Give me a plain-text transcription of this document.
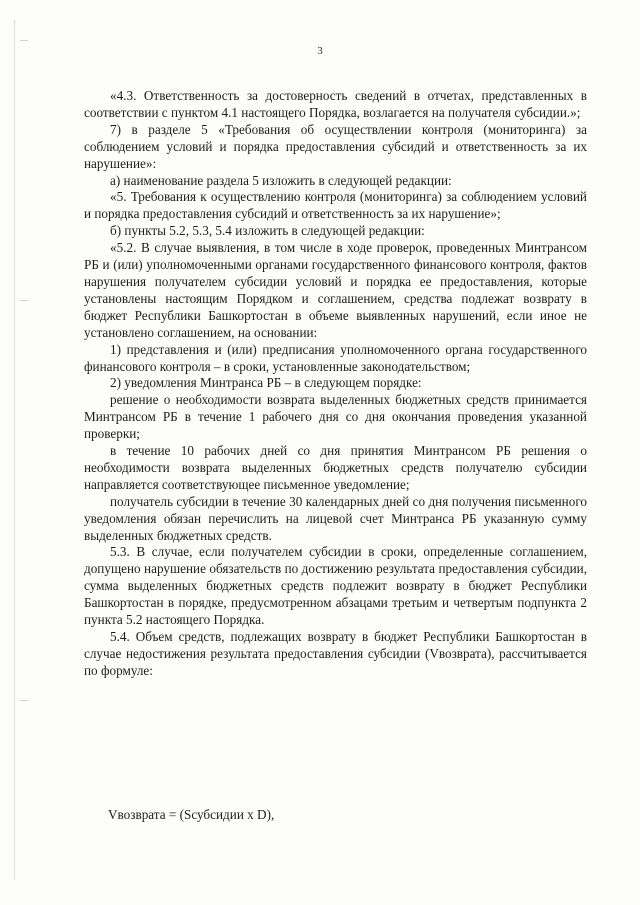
3

«4.3. Ответственность за достоверность сведений в отчетах, представленных в соответствии с пунктом 4.1 настоящего Порядка, возлагается на получателя субсидии.»;

7) в разделе 5 «Требования об осуществлении контроля (мониторинга) за соблюдением условий и порядка предоставления субсидий и ответственность за их нарушение»:

а) наименование раздела 5 изложить в следующей редакции:

«5. Требования к осуществлению контроля (мониторинга) за соблюдением условий и порядка предоставления субсидий и ответственность за их нарушение»;

б) пункты 5.2, 5.3, 5.4 изложить в следующей редакции:

«5.2. В случае выявления, в том числе в ходе проверок, проведенных Минтрансом РБ и (или) уполномоченными органами государственного финансового контроля, фактов нарушения получателем субсидии условий и порядка ее предоставления, которые установлены настоящим Порядком и соглашением, средства подлежат возврату в бюджет Республики Башкортостан в объеме выявленных нарушений, если иное не установлено соглашением, на основании:

1) представления и (или) предписания уполномоченного органа государственного финансового контроля – в сроки, установленные законодательством;

2) уведомления Минтранса РБ – в следующем порядке:

решение о необходимости возврата выделенных бюджетных средств принимается Минтрансом РБ в течение 1 рабочего дня со дня окончания проведения указанной проверки;

в течение 10 рабочих дней со дня принятия Минтрансом РБ решения о необходимости возврата выделенных бюджетных средств получателю субсидии направляется соответствующее письменное уведомление;

получатель субсидии в течение 30 календарных дней со дня получения письменного уведомления обязан перечислить на лицевой счет Минтранса РБ указанную сумму выделенных бюджетных средств.

5.3. В случае, если получателем субсидии в сроки, определенные соглашением, допущено нарушение обязательств по достижению результата предоставления субсидии, сумма выделенных бюджетных средств подлежит возврату в бюджет Республики Башкортостан в порядке, предусмотренном абзацами третьим и четвертым подпункта 2 пункта 5.2 настоящего Порядка.

5.4. Объем средств, подлежащих возврату в бюджет Республики Башкортостан в случае недостижения результата предоставления субсидии (Vвозврата), рассчитывается по формуле:

Vвозврата = (Sсубсидии x D),
